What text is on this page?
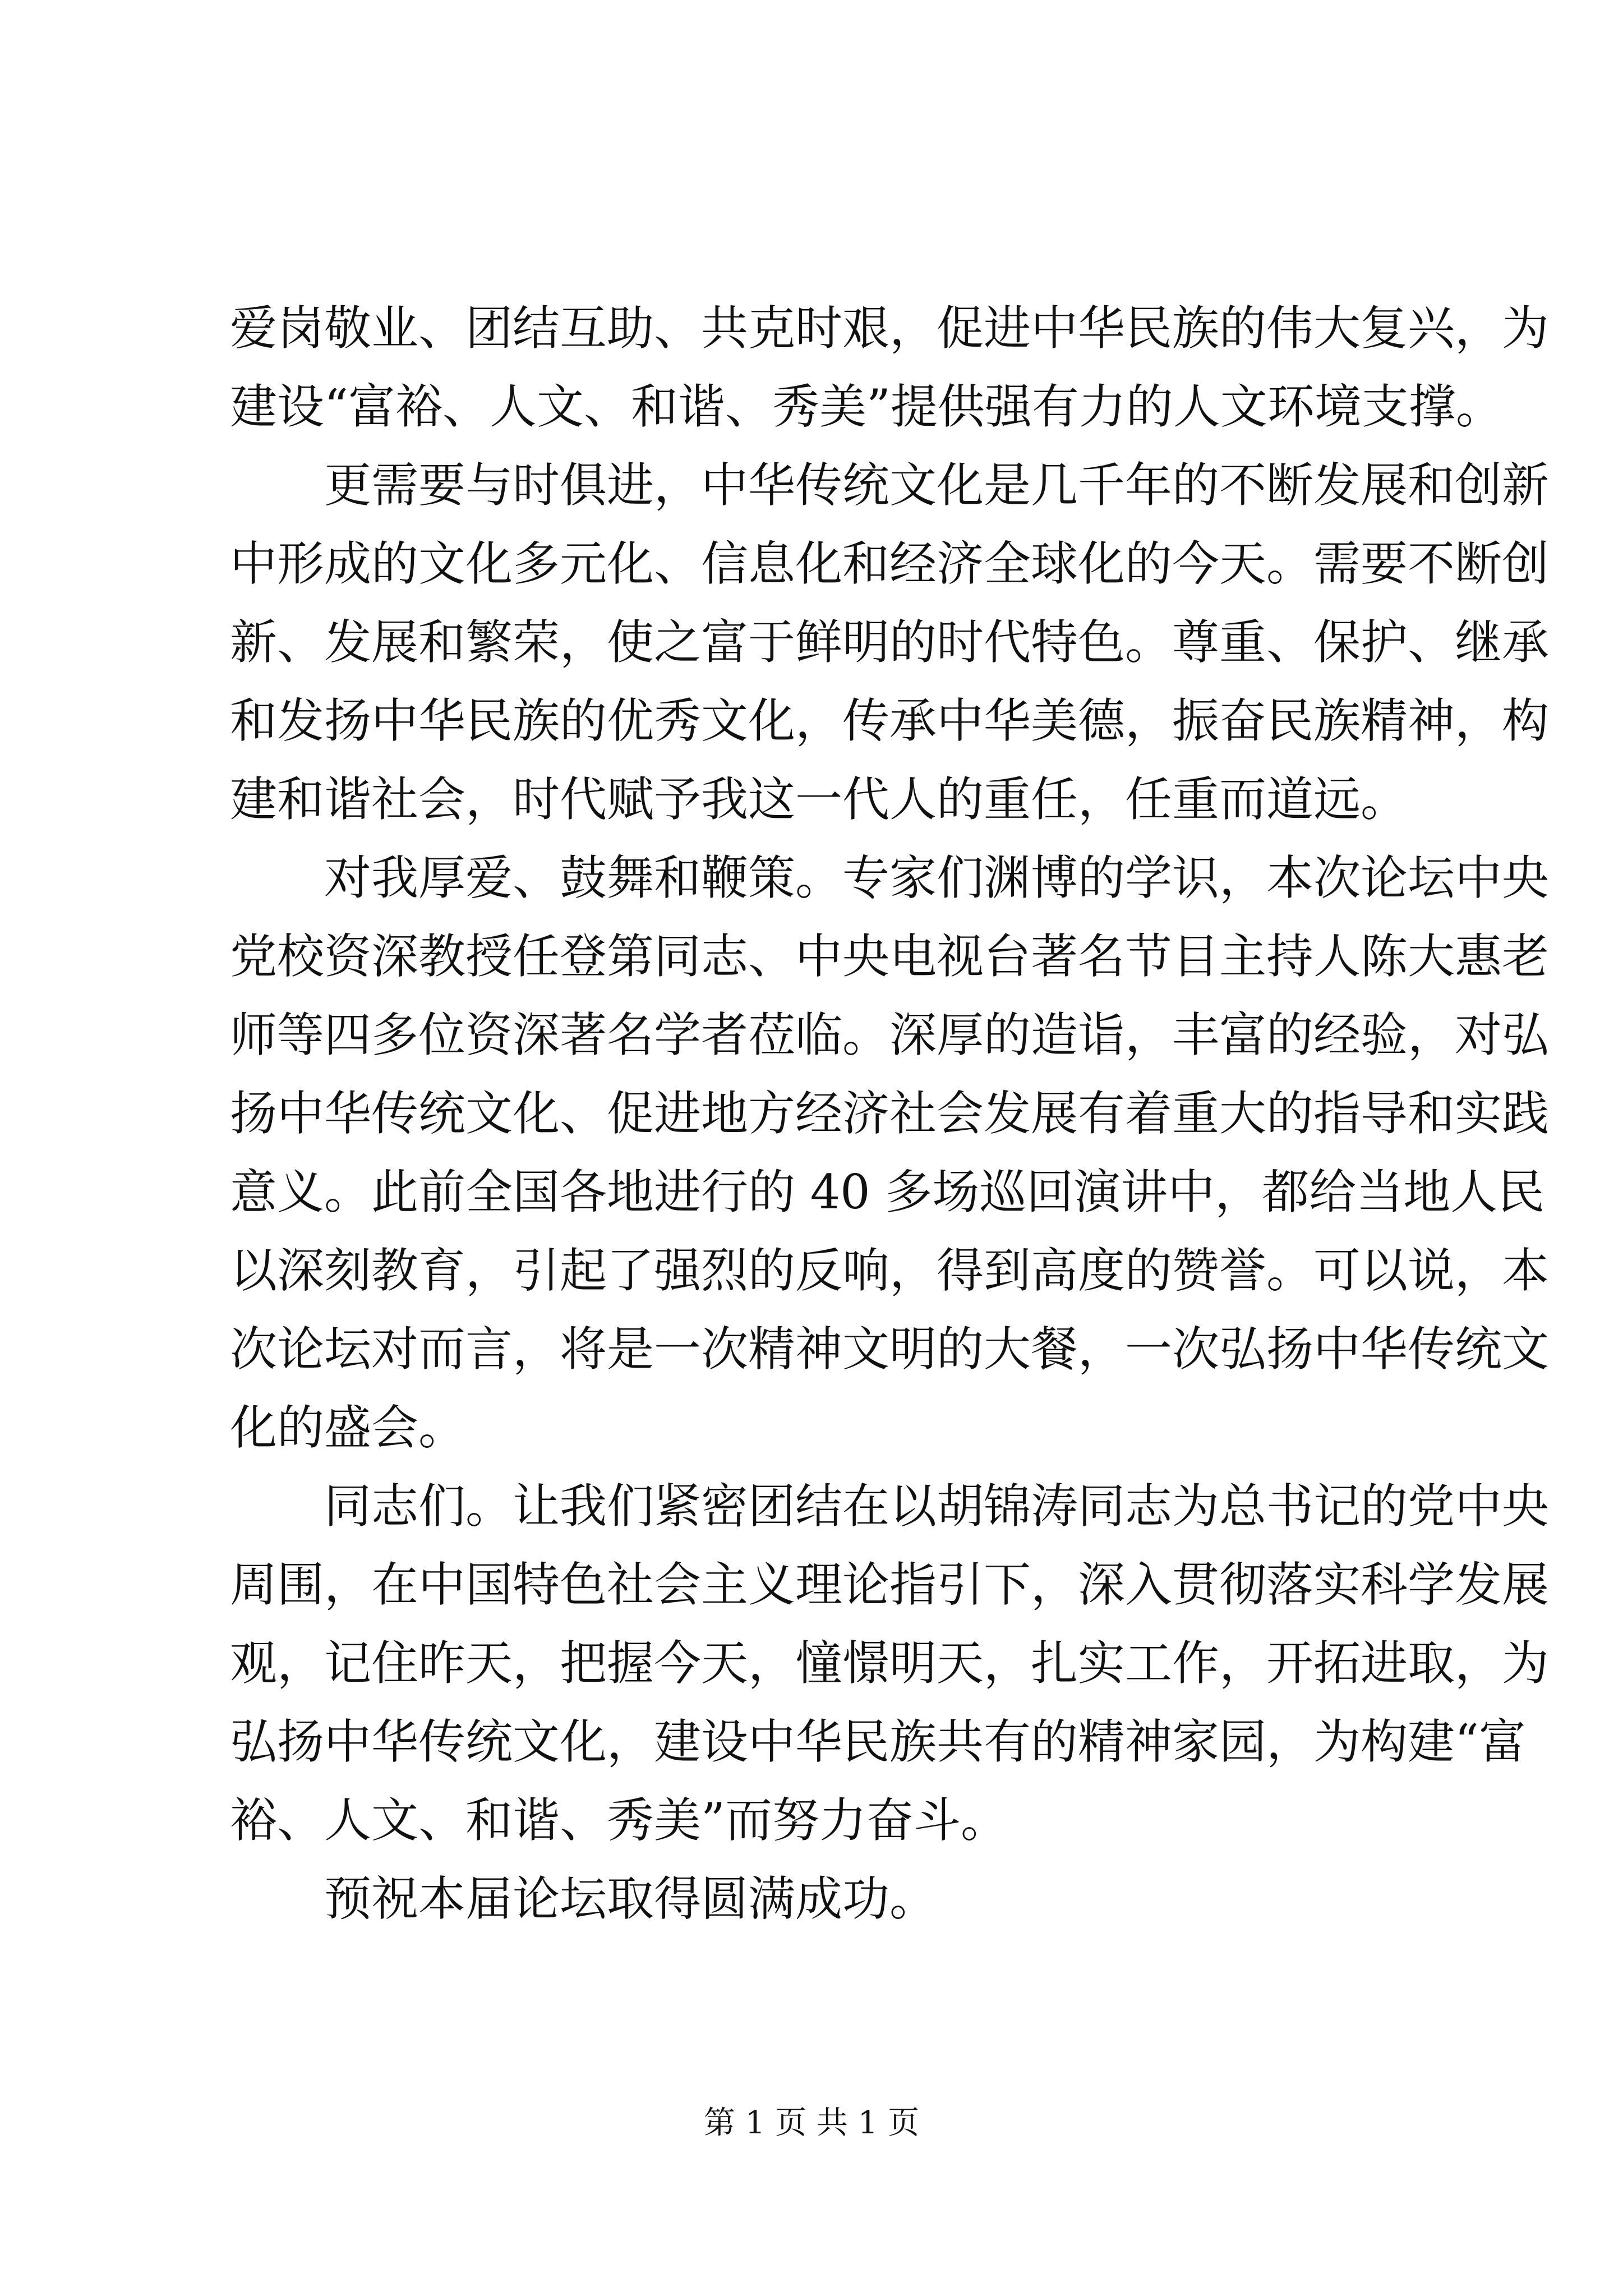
爱岗敬业、团结互助、共克时艰，促进中华民族的伟大复兴，为
建设“富裕、人文、和谐、秀美”提供强有力的人文环境支撑。
更需要与时俱进，中华传统文化是几千年的不断发展和创新
中形成的文化多元化、信息化和经济全球化的今天。需要不断创
新、发展和繁荣，使之富于鲜明的时代特色。尊重、保护、继承
和发扬中华民族的优秀文化，传承中华美德，振奋民族精神，构
建和谐社会，时代赋予我这一代人的重任，任重而道远。
对我厚爱、鼓舞和鞭策。专家们渊博的学识，本次论坛中央
党校资深教授任登第同志、中央电视台著名节目主持人陈大惠老
师等四多位资深著名学者莅临。深厚的造诣，丰富的经验，对弘
扬中华传统文化、促进地方经济社会发展有着重大的指导和实践
意义。此前全国各地进行的 40 多场巡回演讲中，都给当地人民
以深刻教育，引起了强烈的反响，得到高度的赞誉。可以说，本
次论坛对而言，将是一次精神文明的大餐，一次弘扬中华传统文
化的盛会。
同志们。让我们紧密团结在以胡锦涛同志为总书记的党中央
周围，在中国特色社会主义理论指引下，深入贯彻落实科学发展
观，记住昨天，把握今天，憧憬明天，扎实工作，开拓进取，为
弘扬中华传统文化，建设中华民族共有的精神家园，为构建“富
裕、人文、和谐、秀美”而努力奋斗。
预祝本届论坛取得圆满成功。
第 1 页 共 1 页
